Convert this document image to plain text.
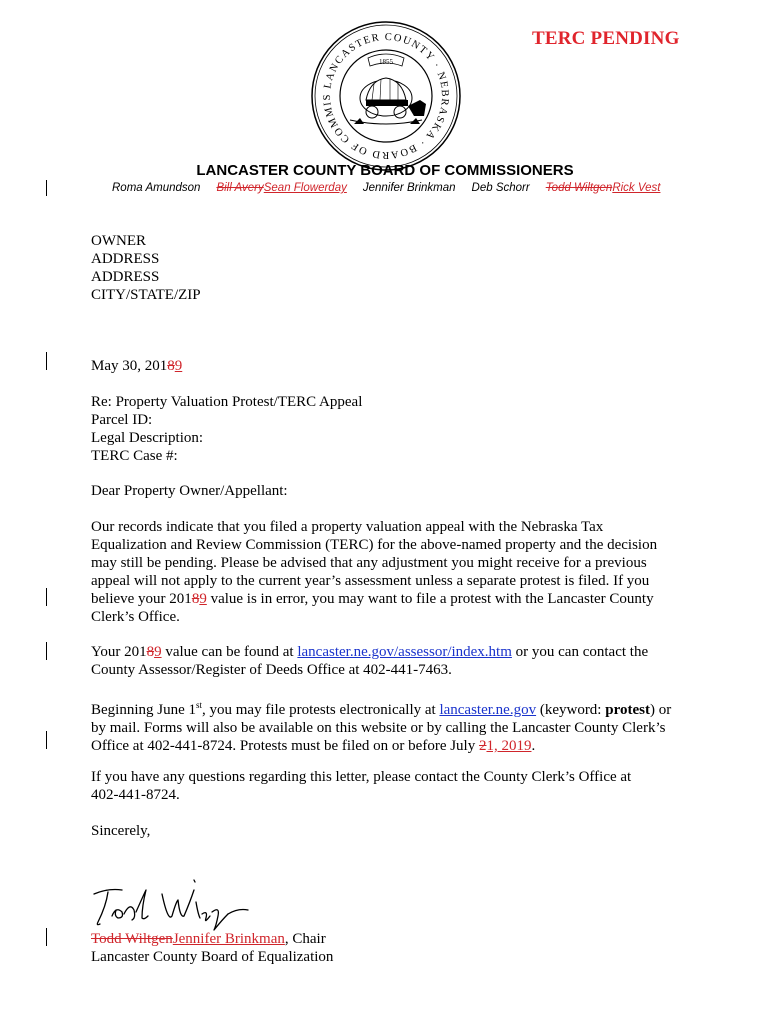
TERC PENDING
LANCASTER COUNTY · NEBRASKA · BOARD OF COMMIS
1855
LANCASTER COUNTY BOARD OF COMMISSIONERS
Roma Amundson Bill AverySean Flowerday Jennifer Brinkman Deb Schorr Todd WiltgenRick Vest
OWNER
ADDRESS
ADDRESS
CITY/STATE/ZIP
May 30, 20189
Re: Property Valuation Protest/TERC Appeal
Parcel ID:
Legal Description:
TERC Case #:
Dear Property Owner/Appellant:
Our records indicate that you filed a property valuation appeal with the Nebraska Tax
Equalization and Review Commission (TERC) for the above-named property and the decision
may still be pending. Please be advised that any adjustment you might receive for a previous
appeal will not apply to the current year’s assessment unless a separate protest is filed. If you
believe your 20189 value is in error, you may want to file a protest with the Lancaster County
Clerk’s Office.
Your 20189 value can be found at lancaster.ne.gov/assessor/index.htm or you can contact the
County Assessor/Register of Deeds Office at 402-441-7463.
Beginning June 1st, you may file protests electronically at lancaster.ne.gov (keyword: protest) or
by mail. Forms will also be available on this website or by calling the Lancaster County Clerk’s
Office at 402-441-8724. Protests must be filed on or before July 21, 2019.
If you have any questions regarding this letter, please contact the County Clerk’s Office at
402-441-8724.
Sincerely,
Todd WiltgenJennifer Brinkman, Chair
Lancaster County Board of Equalization
